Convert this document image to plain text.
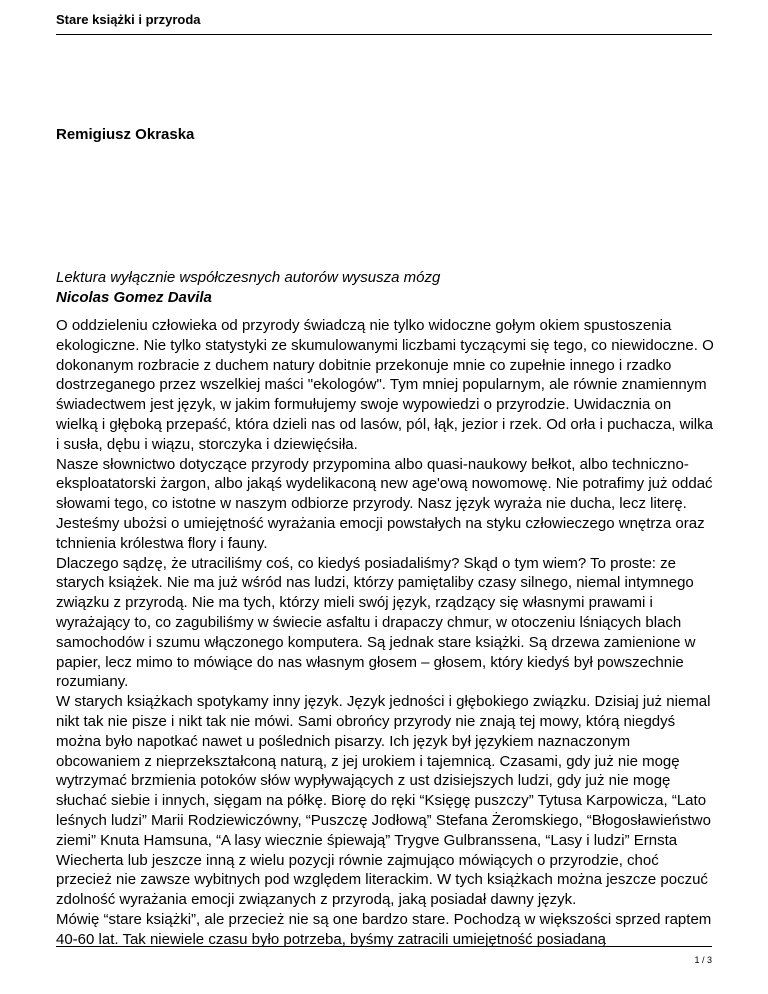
Stare książki i przyroda
Remigiusz Okraska
Lektura wyłącznie współczesnych autorów wysusza mózg
Nicolas Gomez Davila

O oddzieleniu człowieka od przyrody świadczą nie tylko widoczne gołym okiem spustoszenia ekologiczne. Nie tylko statystyki ze skumulowanymi liczbami tyczącymi się tego, co niewidoczne. O dokonanym rozbracie z duchem natury dobitnie przekonuje mnie co zupełnie innego i rzadko dostrzeganego przez wszelkiej maści "ekologów". Tym mniej popularnym, ale równie znamiennym świadectwem jest język, w jakim formułujemy swoje wypowiedzi o przyrodzie. Uwidacznia on wielką i głęboką przepaść, która dzieli nas od lasów, pól, łąk, jezior i rzek. Od orła i puchacza, wilka i susła, dębu i wiązu, storczyka i dziewięćsiła.

Nasze słownictwo dotyczące przyrody przypomina albo quasi-naukowy bełkot, albo techniczno-eksploatatorski żargon, albo jakąś wydelikaconą new age'ową nowomowę. Nie potrafimy już oddać słowami tego, co istotne w naszym odbiorze przyrody. Nasz język wyraża nie ducha, lecz literę. Jesteśmy ubożsi o umiejętność wyrażania emocji powstałych na styku człowieczego wnętrza oraz tchnienia królestwa flory i fauny.

Dlaczego sądzę, że utraciliśmy coś, co kiedyś posiadaliśmy? Skąd o tym wiem? To proste: ze starych książek. Nie ma już wśród nas ludzi, którzy pamiętaliby czasy silnego, niemal intymnego związku z przyrodą. Nie ma tych, którzy mieli swój język, rządzący się własnymi prawami i wyrażający to, co zagubiliśmy w świecie asfaltu i drapaczy chmur, w otoczeniu lśniących blach samochodów i szumu włączonego komputera. Są jednak stare książki. Są drzewa zamienione w papier, lecz mimo to mówiące do nas własnym głosem – głosem, który kiedyś był powszechnie rozumiany.

W starych książkach spotykamy inny język. Język jedności i głębokiego związku. Dzisiaj już niemal nikt tak nie pisze i nikt tak nie mówi. Sami obrońcy przyrody nie znają tej mowy, którą niegdyś można było napotkać nawet u poślednich pisarzy. Ich język był językiem naznaczonym obcowaniem z nieprzekształconą naturą, z jej urokiem i tajemnicą. Czasami, gdy już nie mogę wytrzymać brzmienia potoków słów wypływających z ust dzisiejszych ludzi, gdy już nie mogę słuchać siebie i innych, sięgam na półkę. Biorę do ręki “Księgę puszczy” Tytusa Karpowicza, “Lato leśnych ludzi” Marii Rodziewiczówny, “Puszczę Jodłową” Stefana Żeromskiego, “Błogosławieństwo ziemi” Knuta Hamsuna, “A lasy wiecznie śpiewają” Trygve Gulbranssena, “Lasy i ludzi” Ernsta Wiecherta lub jeszcze inną z wielu pozycji równie zajmująco mówiących o przyrodzie, choć przecież nie zawsze wybitnych pod względem literackim. W tych książkach można jeszcze poczuć zdolność wyrażania emocji związanych z przyrodą, jaką posiadał dawny język.

Mówię “stare książki”, ale przecież nie są one bardzo stare. Pochodzą w większości sprzed raptem 40-60 lat. Tak niewiele czasu było potrzeba, byśmy zatracili umiejętność posiadaną

1 / 3
